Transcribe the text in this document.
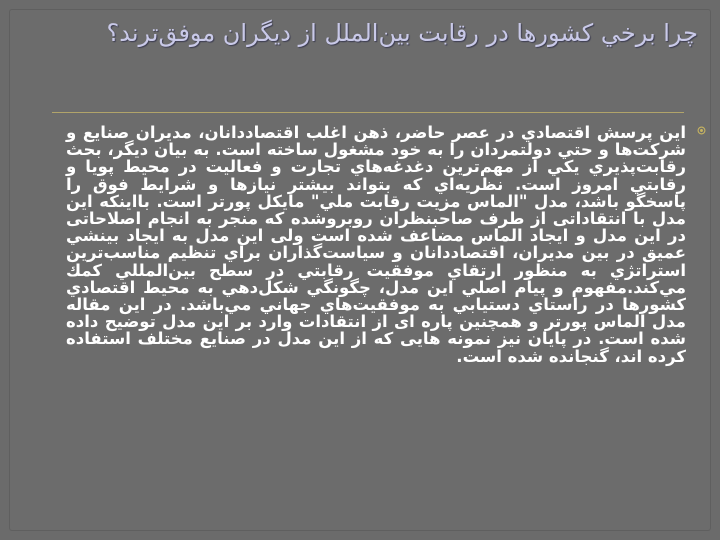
چرا برخي كشورها در رقابت بين‌الملل از ديگران موفق‌ترند؟

اين پرسش اقتصادي در عصر حاضر، ذهن اغلب اقتصاددانان، مديران صنايع و شركت‌ها و حتي دولتمردان را به خود مشغول ساخته است. به بيان ديگر، بحث رقابت‌پذيري يكي از مهم‌ترين دغدغه‌هاي تجارت و فعاليت در محيط پويا و رقابتي امروز است. نظريه‌اي كه بتواند بيشتر نيازها و شرايط فوق را پاسخگو باشد، مدل "الماس مزيت رقابت ملي" مايكل پورتر است. بااینکه این مدل با انتقاداتی از طرف صاحبنظران روبروشده که منجر به انجام اصلاحاتی در این مدل و ایجاد الماس مضاعف شده است ولی اين مدل به ايجاد بينشي عميق در بين مديران، اقتصاددانان و سياست‌گذاران براي تنظيم مناسب‌ترين استراتژي به منظور ارتقاي موفقيت رقابتي در سطح بين‌المللي كمك مي‌كند.مفهوم و پيام اصلي اين مدل، چگونگي شكل‌دهي به محيط اقتصادي كشورها در راستاي دستيابي به موفقيت‌هاي جهاني مي‌باشد. در این مقاله مدل الماس پورتر و همچنین پاره ای از انتقادات وارد بر این مدل توضیح داده شده است. در پایان نیز نمونه هایی که از این مدل در صنایع مختلف استفاده کرده اند، گنجانده شده است.
